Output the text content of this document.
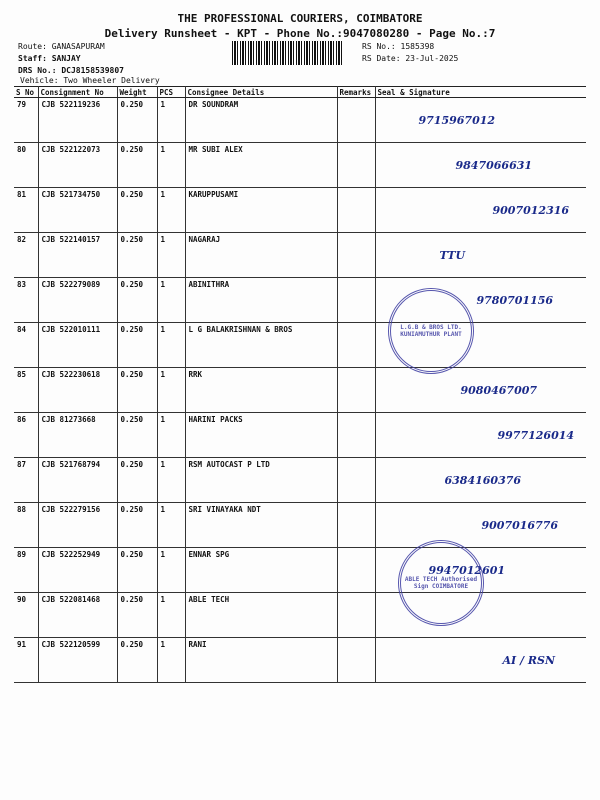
THE PROFESSIONAL COURIERS, COIMBATORE
Delivery Runsheet - KPT - Phone No.:9047080280 - Page No.:7
Route: GANASAPURAM
Staff: SANJAY
DRS No.: DCJ8158539807
Vehicle: Two Wheeler Delivery
RS No.: 1585398
RS Date: 23-Jul-2025
S No	Consignment No	Weight	PCS	Consignee Details	Remarks	Seal & Signature
79	CJB 522119236	0.250	1	DR SOUNDRAM		9715967012

80	CJB 522122073	0.250	1	MR SUBI ALEX		9847066631

81	CJB 521734750	0.250	1	KARUPPUSAMI		9007012316

82	CJB 522140157	0.250	1	NAGARAJ		TTU

83	CJB 522279089	0.250	1	ABINITHRA		9780701156

84	CJB 522010111	0.250	1	L G BALAKRISHNAN & BROS		

85	CJB 522230618	0.250	1	RRK		9080467007

86	CJB 81273668	0.250	1	HARINI PACKS		9977126014

87	CJB 521768794	0.250	1	RSM AUTOCAST P LTD		6384160376

88	CJB 522279156	0.250	1	SRI VINAYAKA NDT		9007016776

89	CJB 522252949	0.250	1	ENNAR SPG		9947012601

90	CJB 522081468	0.250	1	ABLE TECH		

91	CJB 522120599	0.250	1	RANI		AI / RSN
L.G.B & BROS LTD. KUNIAMUTHUR PLANT
ABLE TECH Authorised Sign COIMBATORE
